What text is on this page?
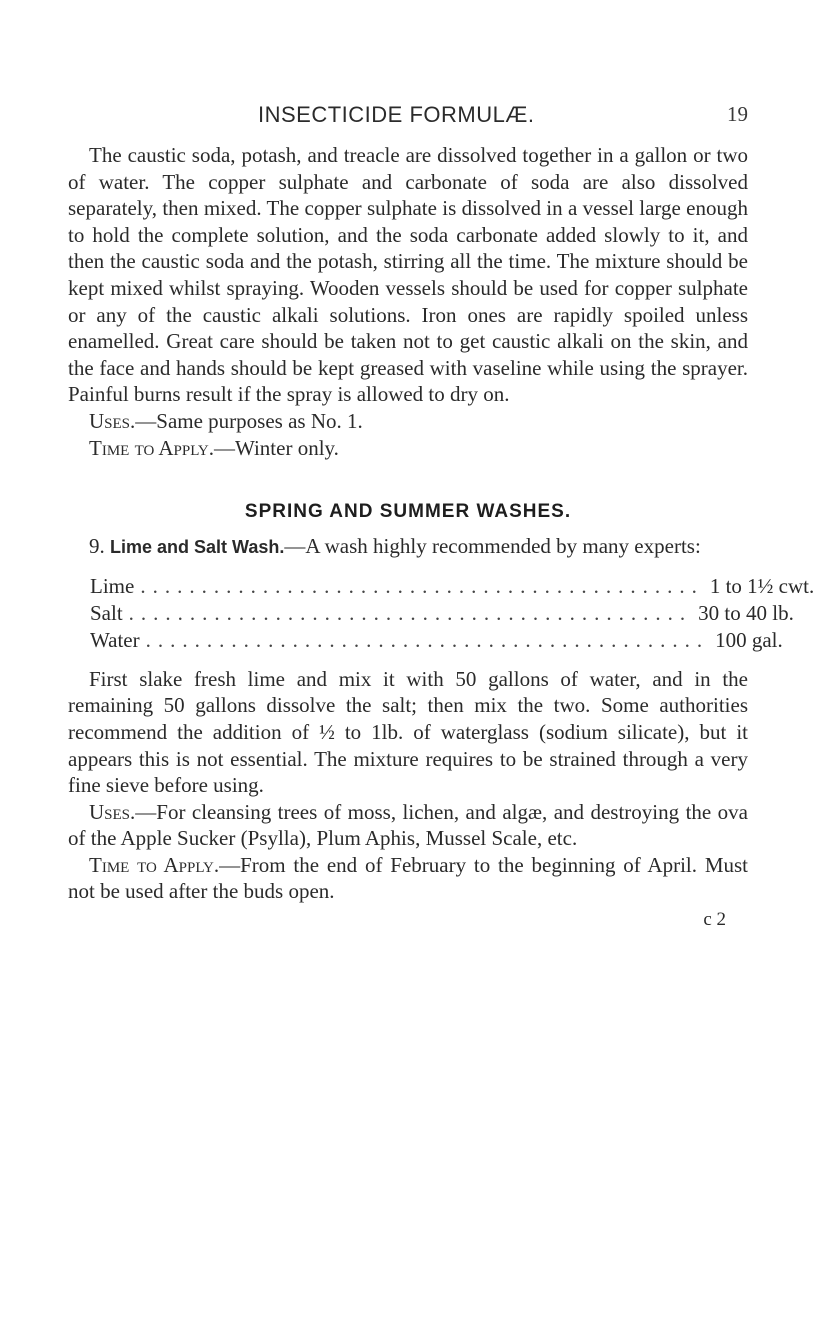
INSECTICIDE FORMULÆ.	19

The caustic soda, potash, and treacle are dissolved together in a gallon or two of water. The copper sulphate and carbonate of soda are also dissolved separately, then mixed. The copper sulphate is dissolved in a vessel large enough to hold the complete solution, and the soda carbonate added slowly to it, and then the caustic soda and the potash, stirring all the time. The mixture should be kept mixed whilst spraying. Wooden vessels should be used for copper sulphate or any of the caustic alkali solutions. Iron ones are rapidly spoiled unless enamelled. Great care should be taken not to get caustic alkali on the skin, and the face and hands should be kept greased with vaseline while using the sprayer. Painful burns result if the spray is allowed to dry on.

Uses.—Same purposes as No. 1.

Time to Apply.—Winter only.

SPRING AND SUMMER WASHES.

9. Lime and Salt Wash.—A wash highly recommended by many experts:

Lime .............................................. 1 to 1½ cwt.
Salt .............................................. 30 to 40 lb.
Water .............................................. 100 gal.

First slake fresh lime and mix it with 50 gallons of water, and in the remaining 50 gallons dissolve the salt; then mix the two. Some authorities recommend the addition of ½ to 1lb. of waterglass (sodium silicate), but it appears this is not essential. The mixture requires to be strained through a very fine sieve before using.

Uses.—For cleansing trees of moss, lichen, and algæ, and destroying the ova of the Apple Sucker (Psylla), Plum Aphis, Mussel Scale, etc.

Time to Apply.—From the end of February to the beginning of April. Must not be used after the buds open.

c 2
